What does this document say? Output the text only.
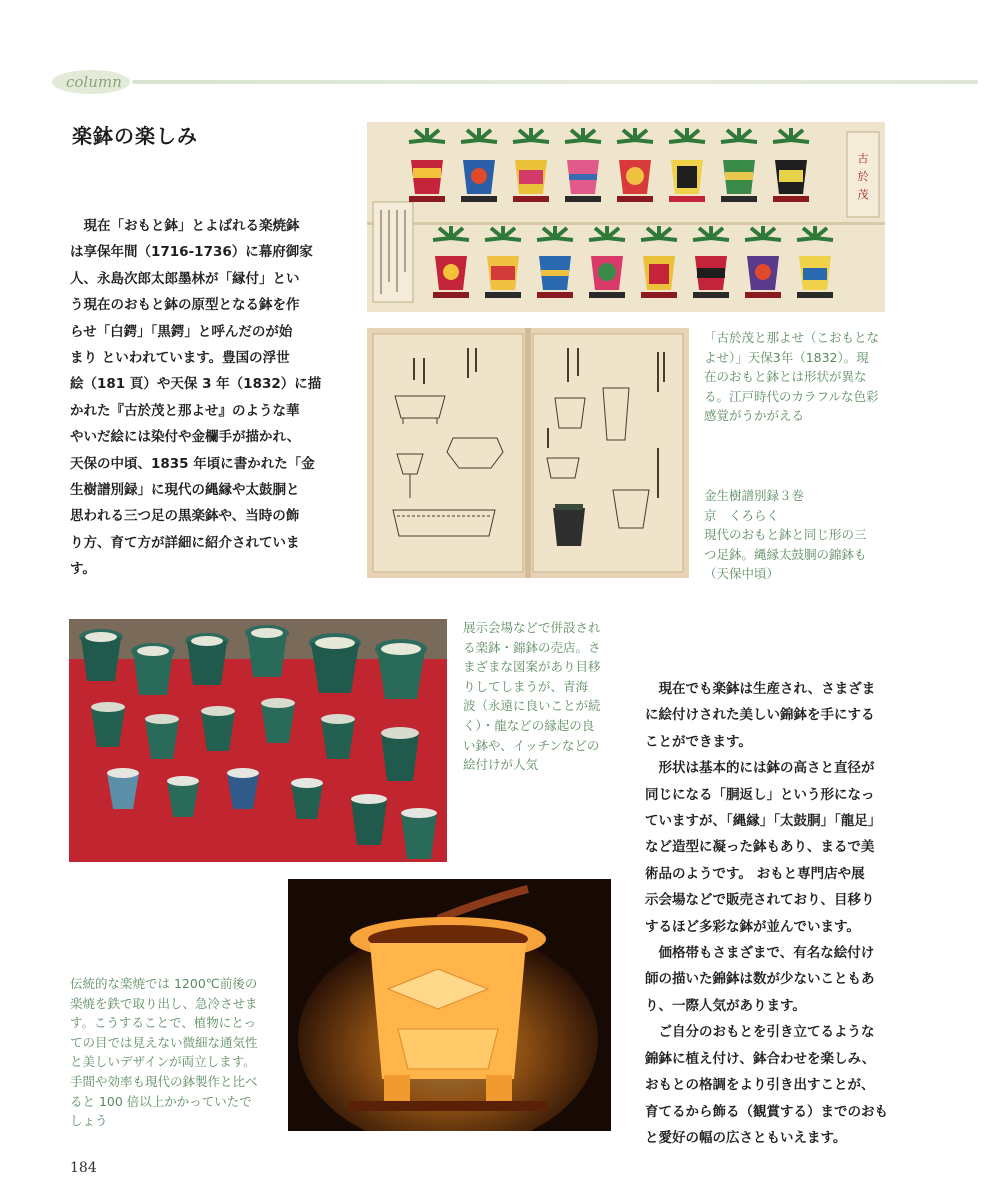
column
楽鉢の楽しみ
古
於
茂

　現在「おもと鉢」とよばれる楽焼鉢

は享保年間（1716-1736）に幕府御家

人、永島次郎太郎墨林が「縁付」とい

う現在のおもと鉢の原型となる鉢を作

らせ「白鍔」「黒鍔」と呼んだのが始

まり といわれています。豊国の浮世

絵（181 頁）や天保 3 年（1832）に描

かれた『古於茂と那よせ』のような華

やいだ絵には染付や金欄手が描かれ、

天保の中頃、1835 年頃に書かれた「金

生樹譜別録」に現代の縄縁や太鼓胴と

思われる三つ足の黒楽鉢や、当時の飾

り方、育て方が詳細に紹介されていま

す。

「古於茂と那よせ（こおもとな

よせ）」天保3年（1832）。現

在のおもと鉢とは形状が異な

る。江戸時代のカラフルな色彩

感覚がうかがえる

金生樹譜別録３巻

京　くろらく

現代のおもと鉢と同じ形の三

つ足鉢。縄縁太鼓胴の錦鉢も

（天保中頃）

展示会場などで併設され

る楽鉢・錦鉢の売店。さ

まざまな図案があり目移

りしてしまうが、青海

波（永遠に良いことが続

く）・龍などの縁起の良

い鉢や、イッチンなどの

絵付けが人気

伝統的な楽焼では 1200℃前後の

楽焼を鉄で取り出し、急冷させま

す。こうすることで、植物にとっ

ての目では見えない微細な通気性

と美しいデザインが両立します。

手間や効率も現代の鉢製作と比べ

ると 100 倍以上かかっていたで

しょう

　現在でも楽鉢は生産され、さまざま

に絵付けされた美しい錦鉢を手にする

ことができます。

　形状は基本的には鉢の高さと直径が

同じになる「胴返し」という形になっ

ていますが、「縄縁」「太鼓胴」「龍足」

など造型に凝った鉢もあり、まるで美

術品のようです。 おもと専門店や展

示会場などで販売されており、目移り

するほど多彩な鉢が並んでいます。

　価格帯もさまざまで、有名な絵付け

師の描いた錦鉢は数が少ないこともあ

り、一際人気があります。

　ご自分のおもとを引き立てるような

錦鉢に植え付け、鉢合わせを楽しみ、

おもとの格調をより引き出すことが、

育てるから飾る（観賞する）までのおも

と愛好の幅の広さともいえます。

184
